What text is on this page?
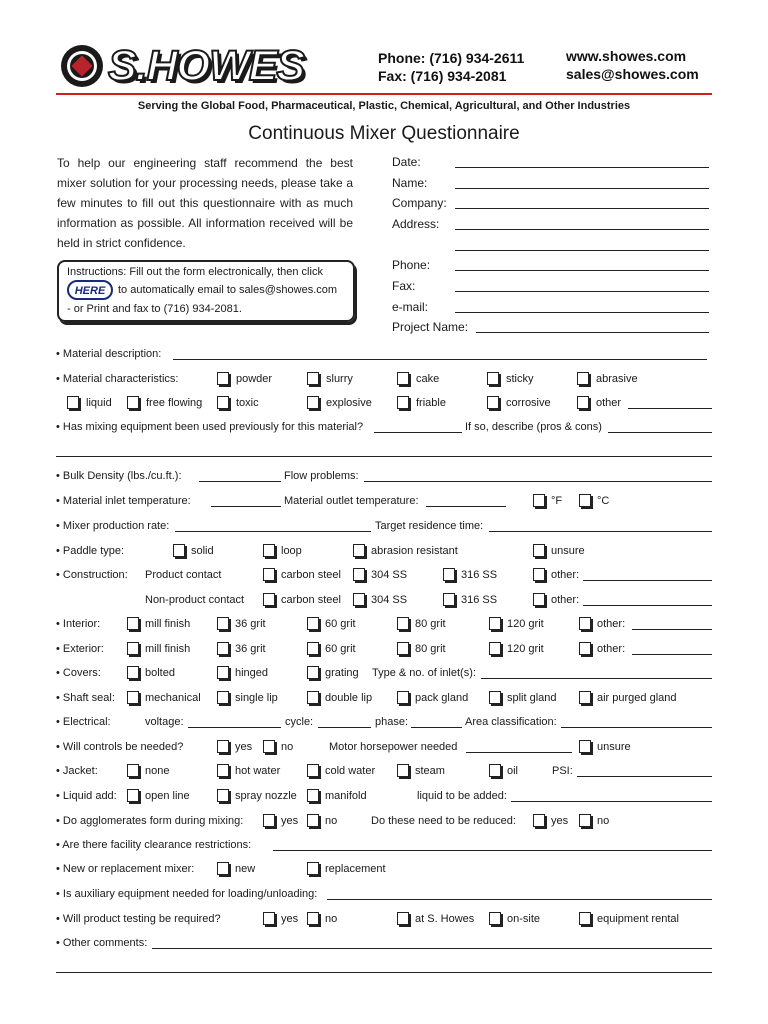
S.HOWES	Phone: (716) 934-2611
Fax: (716) 934-2081
www.showes.com
sales@showes.com
Serving the Global Food, Pharmaceutical, Plastic, Chemical, Agricultural, and Other Industries
Continuous Mixer Questionnaire
To help our engineering staff recommend the best mixer solution for your processing needs, please take a few minutes to fill out this questionnaire with as much information as possible. All information received will be held in strict confidence.
Instructions: Fill out the form electronically, then click
HERE	to automatically email to sales@showes.com
- or Print and fax to (716) 934-2081.
Date:
Name:
Company:
Address:
Phone:
Fax:
e-mail:
Project Name:
• Material description:
• Material characteristics:	powder	slurry	cake	sticky	abrasive
liquid	free flowing	toxic	explosive	friable	corrosive	other
• Has mixing equipment been used previously for this material?	If so, describe (pros & cons)
• Bulk Density (lbs./cu.ft.):	Flow problems:
• Material inlet temperature:	Material outlet temperature:	°F	°C
• Mixer production rate:	Target residence time:
• Paddle type:	solid	loop	abrasion resistant	unsure
• Construction: Product contact	carbon steel	304 SS	316 SS	other:
Non-product contact	carbon steel	304 SS	316 SS	other:
• Interior:	mill finish	36 grit	60 grit	80 grit	120 grit	other:
• Exterior:	mill finish	36 grit	60 grit	80 grit	120 grit	other:
• Covers:	bolted	hinged	grating Type & no. of inlet(s):
• Shaft seal:	mechanical	single lip	double lip	pack gland	split gland	air purged gland
• Electrical:	voltage:	cycle:	phase:	Area classification:
• Will controls be needed?	yes	no	Motor horsepower needed	unsure
• Jacket:	none	hot water	cold water	steam	oil	PSI:
• Liquid add:	open line	spray nozzle	manifold	liquid to be added:
• Do agglomerates form during mixing:	yes no	Do these need to be reduced:	yes	no
• Are there facility clearance restrictions:
• New or replacement mixer:	new	replacement
• Is auxiliary equipment needed for loading/unloading:
• Will product testing be required?	yes no	at S. Howes	on-site	equipment rental
• Other comments:
